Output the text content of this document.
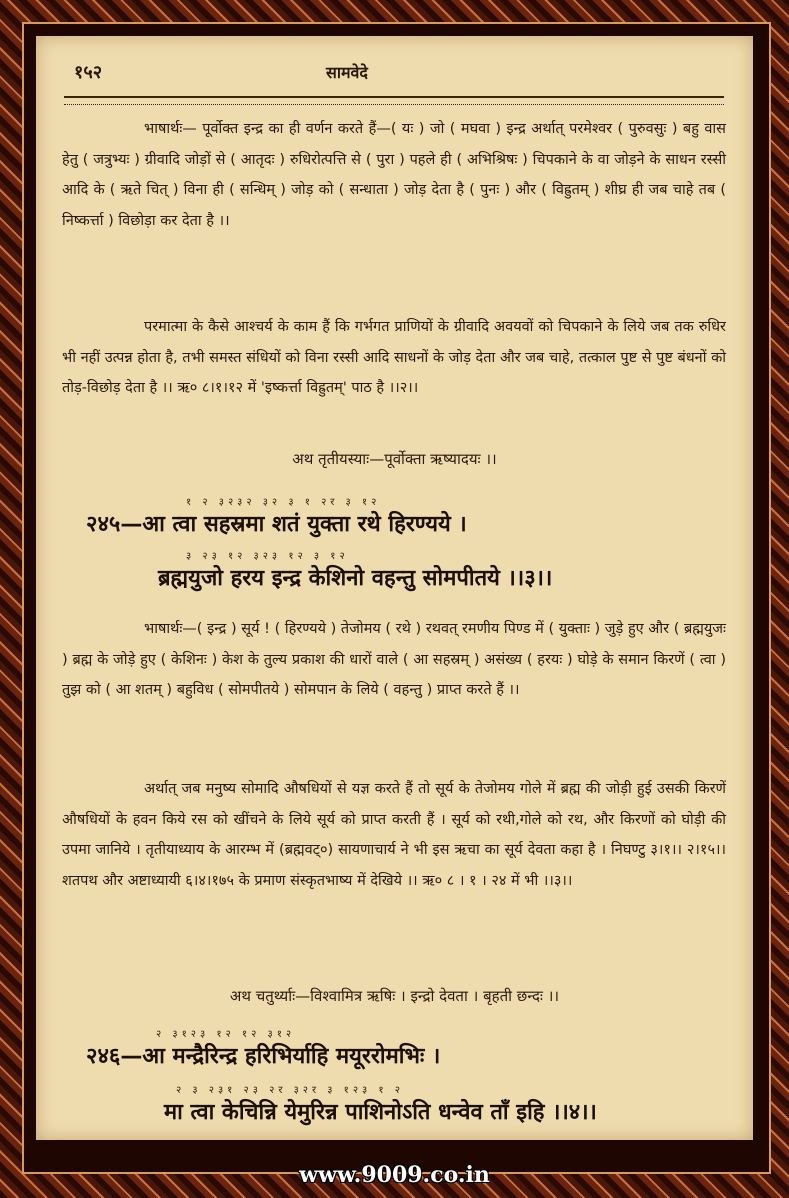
१५२	सामवेदे
भाषार्थः— पूर्वोक्त इन्द्र का ही वर्णन करते हैं—( यः ) जो ( मघवा ) इन्द्र अर्थात् परमेश्वर ( पुरुवसुः ) बहु वास हेतु ( जत्रुभ्यः ) ग्रीवादि जोड़ों से ( आतृदः ) रुधिरोत्पत्ति से ( पुरा ) पहले ही ( अभिश्रिषः ) चिपकाने के वा जोड़ने के साधन रस्सी आदि के ( ऋते चित् ) विना ही ( सन्धिम् ) जोड़ को ( सन्धाता ) जोड़ देता है ( पुनः ) और ( विह्रुतम् ) शीघ्र ही जब चाहे तब ( निष्कर्त्ता ) विछोड़ा कर देता है ।।
परमात्मा के कैसे आश्चर्य के काम हैं कि गर्भगत प्राणियों के ग्रीवादि अवयवों को चिपकाने के लिये जब तक रुधिर भी नहीं उत्पन्न होता है, तभी समस्त संधियों को विना रस्सी आदि साधनों के जोड़ देता और जब चाहे, तत्काल पुष्ट से पुष्ट बंधनों को तोड़-विछोड़ देता है ।। ऋ० ८।१।१२ में 'इष्कर्त्ता विह्रुतम्' पाठ है ।।२।।
अथ तृतीयस्याः—पूर्वोक्ता ऋष्यादयः ।।
१ २ ३२३२ ३२ ३ १ २र ३ १२
२४५—आ त्वा सहस्रमा शतं युक्ता रथे हिरण्यये ।
३ २३ १२ ३२३ १२ ३ १२
ब्रह्मयुजो हरय इन्द्र केशिनो वहन्तु सोमपीतये ।।३।।
भाषार्थः—( इन्द्र ) सूर्य ! ( हिरण्यये ) तेजोमय ( रथे ) रथवत् रमणीय पिण्ड में ( युक्ताः ) जुड़े हुए और ( ब्रह्मयुजः ) ब्रह्म के जोड़े हुए ( केशिनः ) केश के तुल्य प्रकाश की धारों वाले ( आ सहस्रम् ) असंख्य ( हरयः ) घोड़े के समान किरणें ( त्वा ) तुझ को ( आ शतम् ) बहुविध ( सोमपीतये ) सोमपान के लिये ( वहन्तु ) प्राप्त करते हैं ।।
अर्थात् जब मनुष्य सोमादि औषधियों से यज्ञ करते हैं तो सूर्य के तेजोमय गोले में ब्रह्म की जोड़ी हुई उसकी किरणें औषधियों के हवन किये रस को खींचने के लिये सूर्य को प्राप्त करती हैं । सूर्य को रथी,गोले को रथ, और किरणों को घोड़ी की उपमा जानिये । तृतीयाध्याय के आरम्भ में (ब्रह्मवट्०) सायणाचार्य ने भी इस ऋचा का सूर्य देवता कहा है । निघण्टु ३।१।। २।१५।। शतपथ और अष्टाध्यायी ६।४।१७५ के प्रमाण संस्कृतभाष्य में देखिये ।। ऋ० ८ । १ । २४ में भी ।।३।।
अथ चतुर्थ्याः—विश्वामित्र ऋषिः । इन्द्रो देवता । बृहती छन्दः ।।
२ ३१२३ १२ १२ ३१२
२४६—आ मन्द्रैरिन्द्र हरिभिर्याहि मयूररोमभिः ।
२ ३ २३१ २३ २र ३२र ३ १२३ १ २
मा त्वा केचिन्नि येमुरिन्न पाशिनोऽति धन्वेव ताँ इहि ।।४।।
www.9009.co.in
